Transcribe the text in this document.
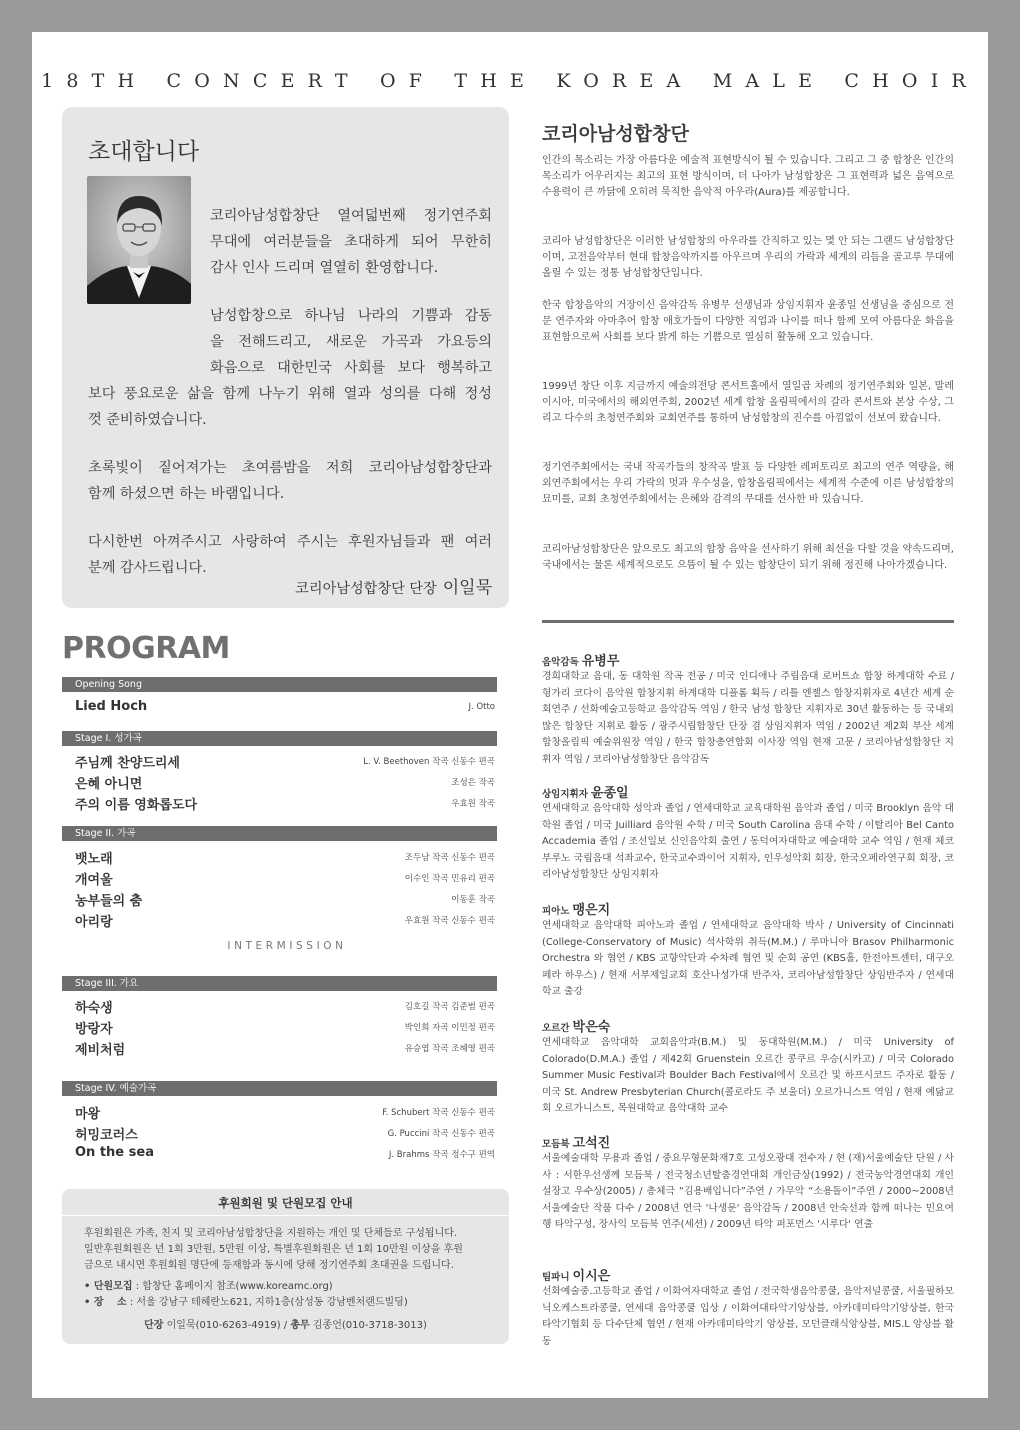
18TH CONCERT OF THE KOREA MALE CHOIR
초대합니다
코리아남성합창단 열여덟번째 정기연주회
무대에 여러분들을 초대하게 되어 무한히
감사 인사 드리며 열열히 환영합니다.
남성합창으로 하나님 나라의 기쁨과 감동
을 전해드리고, 새로운 가곡과 가요등의
화음으로 대한민국 사회를 보다 행복하고
보다 풍요로운 삶을 함께 나누기 위해 열과 성의를 다해 정성
껏 준비하였습니다.
초록빛이 짙어져가는 초여름밤을 저희 코리아남성합창단과
함께 하셨으면 하는 바램입니다.
다시한번 아껴주시고 사랑하여 주시는 후원자님들과 팬 여러
분께 감사드립니다.
코리아남성합창단 단장 이일묵
코리아남성합창단
인간의 목소리는 가장 아름다운 예술적 표현방식이 될 수 있습니다. 그리고 그 중 합창은 인간의 목소리가 어우러지는 최고의 표현 방식이며, 더 나아가 남성합창은 그 표현력과 넓은 음역으로 수용력이 큰 까닭에 오히려 묵직한 음악적 아우라(Aura)를 제공합니다.
코리아 남성합창단은 이러한 남성합창의 아우라를 간직하고 있는 몇 안 되는 그랜드 남성합창단이며, 고전음악부터 현대 합창음악까지를 아우르며 우리의 가락과 세계의 리듬을 골고루 무대에 올릴 수 있는 정통 남성합창단입니다.
한국 합창음악의 거장이신 음악감독 유병무 선생님과 상임지휘자 윤종일 선생님을 중심으로 전문 연주자와 아마추어 합창 애호가들이 다양한 직업과 나이를 떠나 함께 모여 아름다운 화음을 표현함으로써 사회를 보다 밝게 하는 기쁨으로 열심히 활동해 오고 있습니다.
1999년 창단 이후 지금까지 예술의전당 콘서트홀에서 열일곱 차례의 정기연주회와 일본, 말레이시아, 미국에서의 해외연주회, 2002년 세계 합창 올림픽에서의 갈라 콘서트와 본상 수상, 그리고 다수의 초청연주회와 교회연주를 통하여 남성합창의 진수를 아낌없이 선보여 왔습니다.
정기연주회에서는 국내 작곡가들의 창작곡 발표 등 다양한 레퍼토리로 최고의 연주 역량을, 해외연주회에서는 우리 가락의 멋과 우수성을, 합창올림픽에서는 세계적 수준에 이른 남성합창의 묘미를, 교회 초청연주회에서는 은혜와 감격의 무대를 선사한 바 있습니다.
코리아남성합창단은 앞으로도 최고의 합창 음악을 선사하기 위해 최선을 다할 것을 약속드리며, 국내에서는 물론 세계적으로도 으뜸이 될 수 있는 합창단이 되기 위해 정진해 나아가겠습니다.
PROGRAM
Opening Song
Lied Hoch	J. Otto
Stage I. 성가곡
주님께 찬양드리세	L. V. Beethoven 작곡 신동수 편곡
은혜 아니면	조성은 작곡
주의 이름 영화롭도다	우효원 작곡
Stage II. 가곡
뱃노래	조두남 작곡 신동수 편곡
개여울	이수인 작곡 민유리 편곡
농부들의 춤	이동훈 작곡
아리랑	우효원 작곡 신동수 편곡
INTERMISSION
Stage III. 가요
하숙생	김호길 작곡 김준범 편곡
방랑자	박인희 자곡 이민정 편곡
제비처럼	유승엽 작곡 조혜영 편곡
Stage IV. 예술가곡
마왕	F. Schubert 작곡 신동수 편곡
허밍코러스	G. Puccini 작곡 신동수 편곡
On the sea	J. Brahms 작곡 정수구 편역
후원회원 및 단원모집 안내
후원회원은 가족, 친지 및 코리아남성합창단을 지원하는 개인 및 단체들로 구성됩니다.
일반후원회원은 년 1회 3만원, 5만원 이상, 특별후원회원은 년 1회 10만원 이상을 후원
금으로 내시면 후원회원 명단에 등재함과 동시에 당해 정기연주회 초대권을 드립니다.
• 단원모집 : 합창단 홈페이지 참조(www.koreamc.org)
• 장　 소 : 서울 강남구 테헤란노621, 지하1층(삼성동 강남벤처랜드빌딩)
단장 이일묵(010-6263-4919) / 총무 김종언(010-3718-3013)
음악감독 유병무
경희대학교 음대, 동 대학원 작곡 전공 / 미국 인디애나 주립음대 로버트쇼 합창 하계대학 수료 / 헝가리 코다이 음악원 합창지휘 하계대학 디플롬 획득 / 리틀 엔젤스 합창지휘자로 4년간 세계 순회연주 / 선화예술고등학교 음악감독 역임 / 한국 남성 합창단 지휘자로 30년 활동하는 등 국내외 많은 합창단 지휘로 활동 / 광주시립합창단 단장 겸 상임지휘자 역임 / 2002년 제2회 부산 세계합창올림픽 예술위원장 역임 / 한국 합창총연합회 이사장 역임 현재 고문 / 코리아남성합창단 지휘자 역임 / 코리아남성합창단 음악감독
상임지휘자 윤종일
연세대학교 음악대학 성악과 졸업 / 연세대학교 교육대학원 음악과 졸업 / 미국 Brooklyn 음악 대학원 졸업 / 미국 Juilliard 음악원 수학 / 미국 South Carolina 음대 수학 / 이탈리아 Bel Canto Accademia 졸업 / 조선일보 신인음악회 출연 / 동덕여자대학교 예술대학 교수 역임 / 현재 체코 부루노 국립음대 석좌교수, 한국교수콰이어 지휘자, 인우성악회 회장, 한국오페라연구회 회장, 코리아남성합창단 상임지휘자
피아노 맹은지
연세대학교 음악대학 피아노과 졸업 / 연세대학교 음악대학 박사 / University of Cincinnati (College-Conservatory of Music) 석사학위 취득(M.M.) / 루마니아 Brasov Philharmonic Orchestra 와 협연 / KBS 교향악단과 수차례 협연 및 순회 공연 (KBS홀, 한전아트센터, 대구오페라 하우스) / 현재 서부제일교회 호산나성가대 반주자, 코리아남성합창단 상임반주자 / 연세대학교 출강
오르간 박은숙
연세대학교 음악대학 교회음악과(B.M.) 및 동대학원(M.M.) / 미국 University of Colorado(D.M.A.) 졸업 / 제42회 Gruenstein 오르간 콩쿠르 우승(시카고) / 미국 Colorado Summer Music Festival과 Boulder Bach Festival에서 오르간 및 하프시코드 주자로 활동 / 미국 St. Andrew Presbyterian Church(콜로라도 주 보울더) 오르가니스트 역임 / 현재 예닮교회 오르가니스트, 목원대학교 음악대학 교수
모듬북 고석진
서울예술대학 무용과 졸업 / 중요무형문화재7호 고성오광대 전수자 / 현 (재)서울예술단 단원 / 사사 : 서한우선생께 모듬북 / 전국청소년탈춤경연대회 개인금상(1992) / 전국농악경연대회 개인 설장고 우수상(2005) / 총체극 “김용배입니다”주연 / 가무악 “소용돌이”주연 / 2000~2008년 서울예술단 작품 다수 / 2008년 연극 '나생문' 음악감독 / 2008년 안숙선과 함께 떠나는 민요여행 타악구성, 장사익 모듬북 연주(세션) / 2009년 타악 퍼포먼스 '시루다' 연출
팀파니 이시은
선화예술중.고등학교 졸업 / 이화여자대학교 졸업 / 전국학생음악콩쿨, 음악저널콩쿨, 서울필하모닉오케스트라콩쿨, 연세대 음악콩쿨 입상 / 이화여대타악기앙상블, 아카데미타악기앙상블, 한국 타악기협회 등 다수단체 협연 / 현재 아카데미타악기 앙상블, 모던클래식앙상블, MIS.L 앙상블 활동
